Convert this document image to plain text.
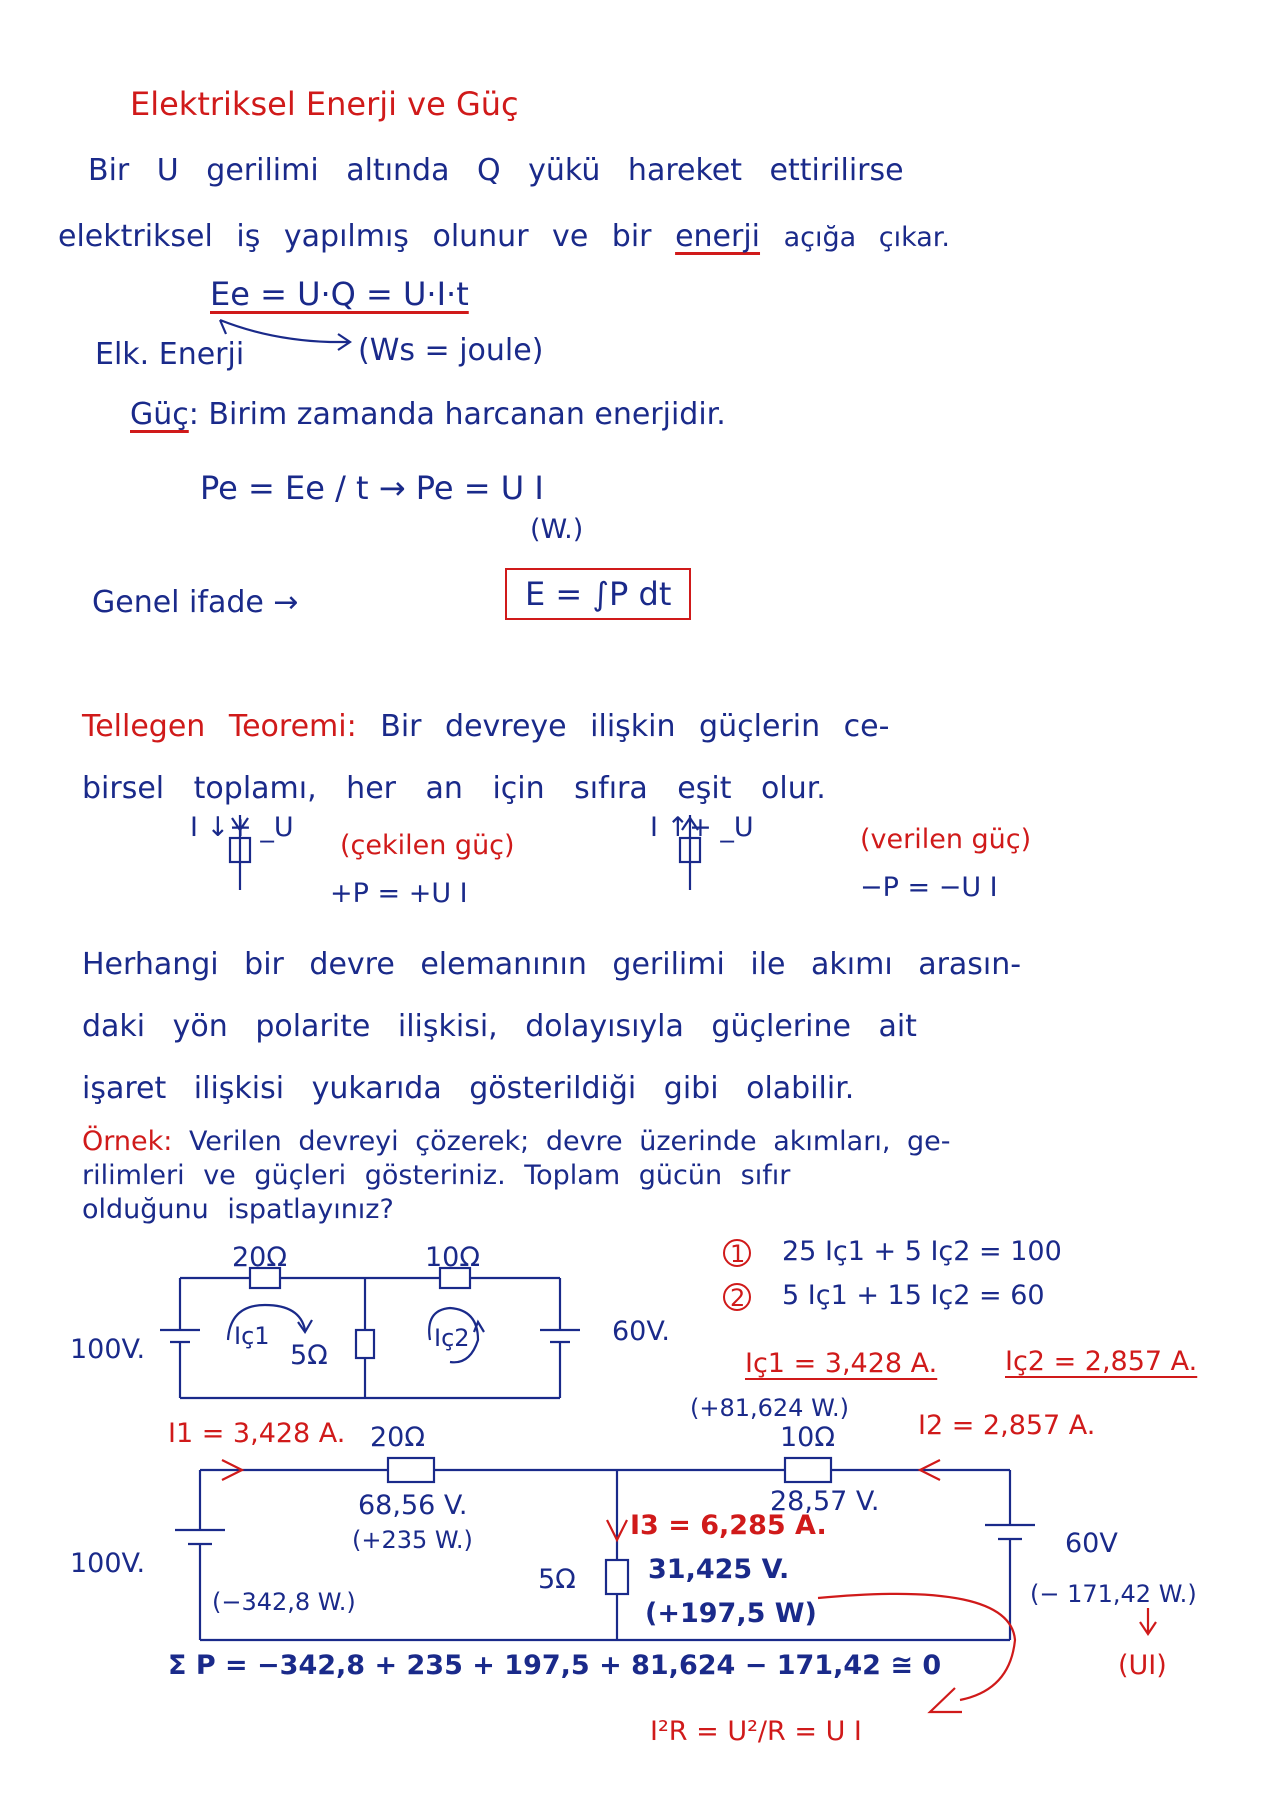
Elektriksel Enerji ve Güç
Bir U gerilimi altında Q yükü hareket ettirilirse
elektriksel iş yapılmış olunur ve bir enerji açığa çıkar.
Ee = U·Q = U·I·t
Elk. Enerji	(Ws = joule)
Güç: Birim zamanda harcanan enerjidir.
Pe = Ee / t → Pe = U I
(W.)
Genel ifade →	E = ∫P dt
Tellegen Teoremi: Bir devreye ilişkin güçlerin ce-
birsel toplamı, her an için sıfıra eşit olur.
I ↓+ _U
(çekilen güç)
+P = +U I
I ↑+ _U	(verilen güç)
−P = −U I
Herhangi bir devre elemanının gerilimi ile akımı arasın-
daki yön polarite ilişkisi, dolayısıyla güçlerine ait
işaret ilişkisi yukarıda gösterildiği gibi olabilir.
Örnek: Verilen devreyi çözerek; devre üzerinde akımları, ge-
rilimleri ve güçleri gösteriniz. Toplam gücün sıfır
olduğunu ispatlayınız?
20Ω	10Ω
5Ω
100V.
60V.
Iç1	Iç2
1
2
25 Iç1 + 5 Iç2 = 100
5 Iç1 + 15 Iç2 = 60
Iç1 = 3,428 A.	Iç2 = 2,857 A.
I1 = 3,428 A. 20Ω
(+81,624 W.)
10Ω	I2 = 2,857 A.
68,56 V.
(+235 W.)
28,57 V.
100V.
(−342,8 W.)
I3 = 6,285 A.
5Ω	31,425 V.
(+197,5 W)
60V
(− 171,42 W.)
(UI)
Σ P = −342,8 + 235 + 197,5 + 81,624 − 171,42 ≅ 0
I²R = U²/R = U I
